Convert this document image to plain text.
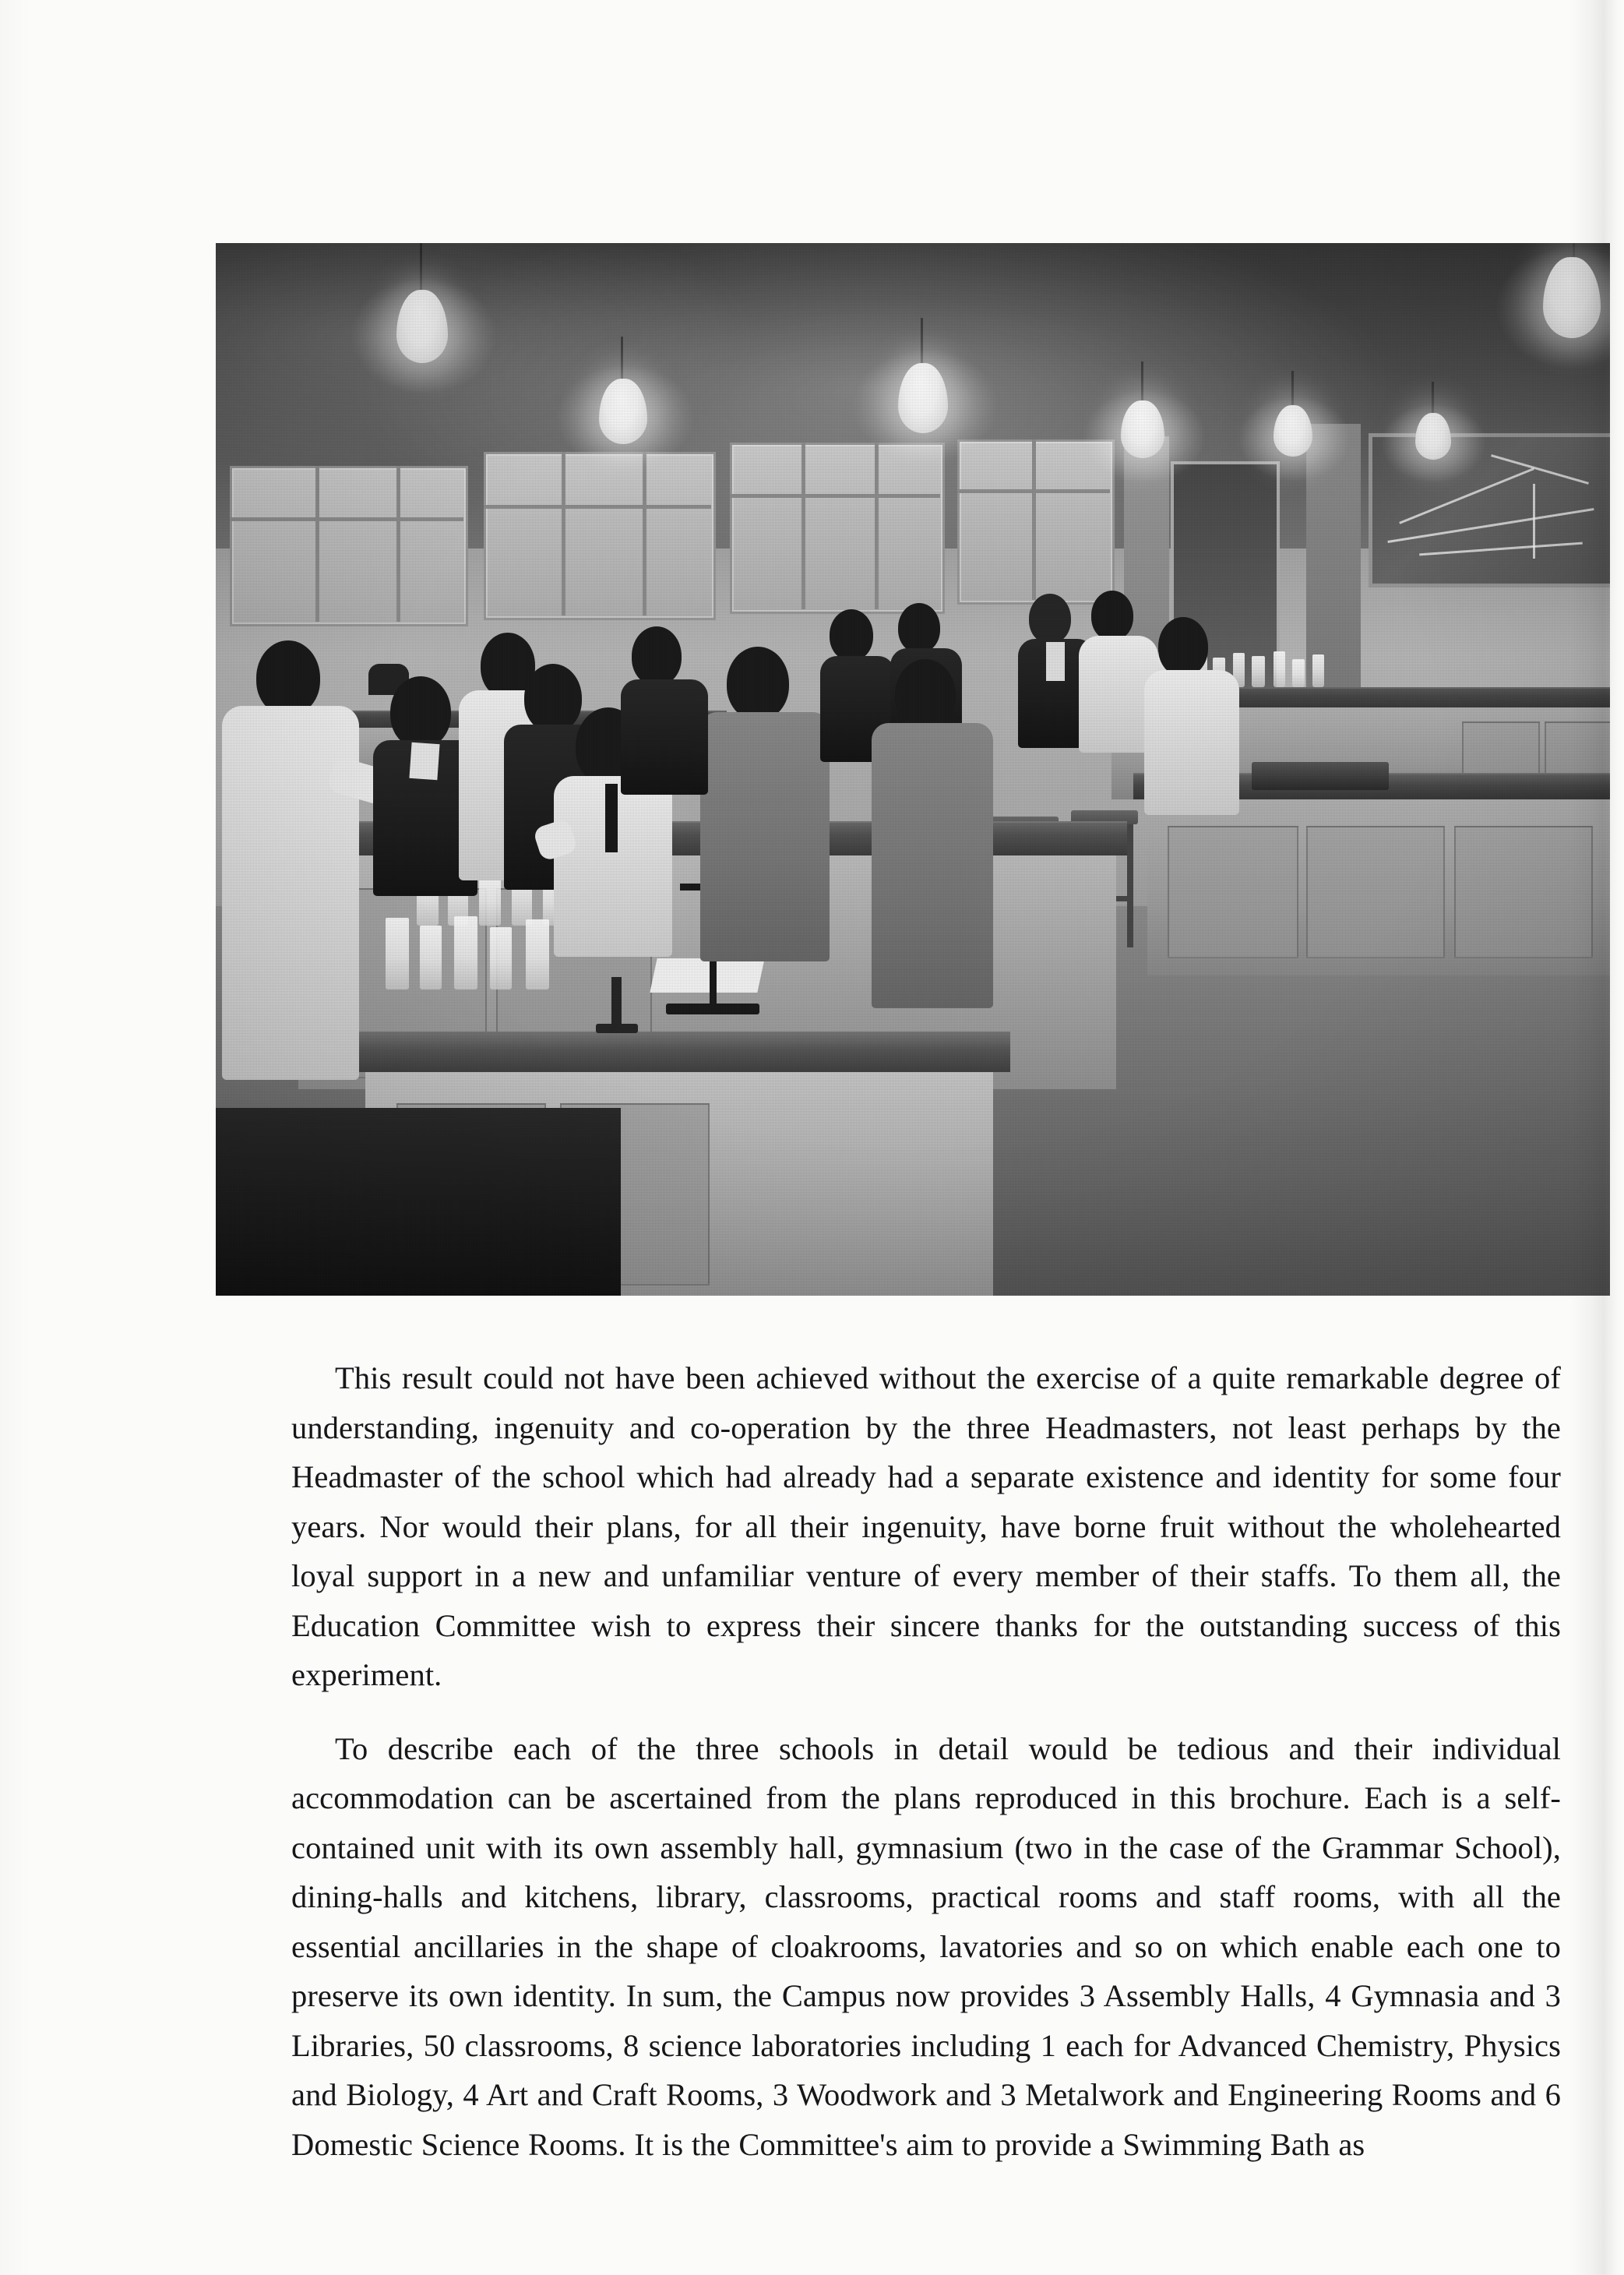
This result could not have been achieved without the exercise of a quite remarkable degree of understanding, ingenuity and co-operation by the three Headmasters, not least perhaps by the Headmaster of the school which had already had a separate existence and identity for some four years. Nor would their plans, for all their ingenuity, have borne fruit without the wholehearted loyal support in a new and unfamiliar venture of every member of their staffs. To them all, the Education Committee wish to express their sincere thanks for the outstanding success of this experiment.

To describe each of the three schools in detail would be tedious and their individual accommodation can be ascertained from the plans reproduced in this brochure. Each is a self-contained unit with its own assembly hall, gymnasium (two in the case of the Grammar School), dining-halls and kitchens, library, classrooms, practical rooms and staff rooms, with all the essential ancillaries in the shape of cloakrooms, lavatories and so on which enable each one to preserve its own identity. In sum, the Campus now provides 3 Assembly Halls, 4 Gymnasia and 3 Libraries, 50 classrooms, 8 science laboratories including 1 each for Advanced Chemistry, Physics and Biology, 4 Art and Craft Rooms, 3 Woodwork and 3 Metalwork and Engineering Rooms and 6 Domestic Science Rooms. It is the Committee's aim to provide a Swimming Bath as
